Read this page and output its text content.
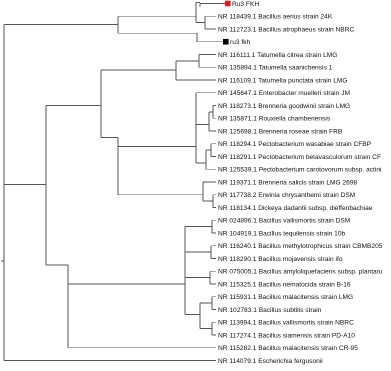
Ru3 FKH
NR 118439.1 Bacillus aerius strain 24K
NR 112723.1 Bacillus atrophaeus strain NBRC
ru3 fkh
NR 116111.1 Tatumella citrea strain LMG
NR 135894.1 Tatumella saanichensis 1
NR 116109.1 Tatumella punctata strain LMG
NR 145647.1 Enterobacter muelleri strain JM
NR 118273.1 Brenneria goodwinii strain LMG
NR 135871.1 Rouxiella chamberiensis
NR 125698.1 Brenneria roseae strain FRB
NR 118294.1 Pectobacterium wasabiae strain CFBP
NR 118291.1 Pectobacterium betavasculorum strain CF
NR 125539.1 Pectobacterium carotovorum subsp. actini
NR 119371.1 Brenneria salicis strain LMG 2698
NR 117738.2 Erwinia chrysanthemi strain DSM
NR 118134.1 Dickeya dadantii subsp. dieffenbachiae
NR 024896.1 Bacillus vallismortis strain DSM
NR 104919.1 Bacillus tequilensis strain 10b
NR 116240.1 Bacillus methylotrophicus strain CBMB205
NR 118290.1 Bacillus mojavensis strain ifo
NR 075005.1 Bacillus amyloliquefaciens subsp. plantaru
NR 115325.1 Bacillus nematocida strain B-16
NR 115931.1 Bacillus malacitensis strain LMG
NR 102783.1 Bacillus subtilis strain
NR 113994.1 Bacillus vallismortis strain NBRC
NR 117274.1 Bacillus siamensis strain PD-A10
NR 115282.1 Bacillus malacitensis strain CR-95
NR 114079.1 Escherichia fergusonii
